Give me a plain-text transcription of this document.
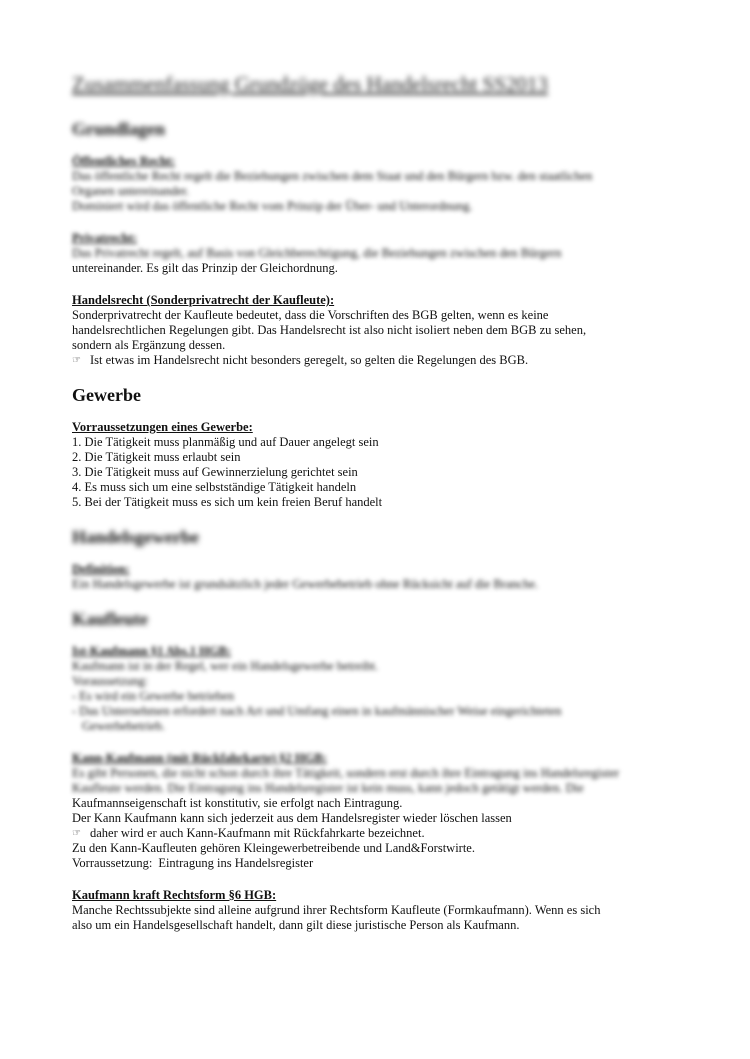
Zusammenfassung Grundzüge des Handelsrecht SS2013
Grundlagen

Öffentliches Recht:

Das öffentliche Recht regelt die Beziehungen zwischen dem Staat und den Bürgern bzw. den staatlichen

Organen untereinander.

Dominiert wird das öffentliche Recht vom Prinzip der Über- und Unterordnung.

Privatrecht:

Das Privatrecht regelt, auf Basis von Gleichberechtigung, die Beziehungen zwischen den Bürgern

untereinander. Es gilt das Prinzip der Gleichordnung.

Handelsrecht (Sonderprivatrecht der Kaufleute):

Sonderprivatrecht der Kaufleute bedeutet, dass die Vorschriften des BGB gelten, wenn es keine

handelsrechtlichen Regelungen gibt. Das Handelsrecht ist also nicht isoliert neben dem BGB zu sehen,

sondern als Ergänzung dessen.

☞ Ist etwas im Handelsrecht nicht besonders geregelt, so gelten die Regelungen des BGB.
Gewerbe

Vorraussetzungen eines Gewerbe:

1. Die Tätigkeit muss planmäßig und auf Dauer angelegt sein
2. Die Tätigkeit muss erlaubt sein
3. Die Tätigkeit muss auf Gewinnerzielung gerichtet sein
4. Es muss sich um eine selbstständige Tätigkeit handeln
5. Bei der Tätigkeit muss es sich um kein freien Beruf handelt
Handelsgewerbe

Definition:

Ein Handelsgewerbe ist grundsätzlich jeder Gewerbebetrieb ohne Rücksicht auf die Branche.

Kaufleute

Ist-Kaufmann §1 Abs.1 HGB:

Kaufmann ist in der Regel, wer ein Handelsgewerbe betreibt.

Voraussetzung:

- Es wird ein Gewerbe betrieben

- Das Unternehmen erfordert nach Art und Umfang einen in kaufmännischer Weise eingerichteten

Gewerbebetrieb.

Kann-Kaufmann (mit Rückfahrkarte) §2 HGB:

Es gibt Personen, die nicht schon durch ihre Tätigkeit, sondern erst durch ihre Eintragung ins Handelsregister

Kaufleute werden. Die Eintragung ins Handelsregister ist kein muss, kann jedoch getätigt werden. Die

Kaufmannseigenschaft ist konstitutiv, sie erfolgt nach Eintragung.

Der Kann Kaufmann kann sich jederzeit aus dem Handelsregister wieder löschen lassen

☞ daher wird er auch Kann-Kaufmann mit Rückfahrkarte bezeichnet.

Zu den Kann-Kaufleuten gehören Kleingewerbetreibende und Land&Forstwirte.

Vorraussetzung: Eintragung ins Handelsregister

Kaufmann kraft Rechtsform §6 HGB:

Manche Rechtssubjekte sind alleine aufgrund ihrer Rechtsform Kaufleute (Formkaufmann). Wenn es sich

also um ein Handelsgesellschaft handelt, dann gilt diese juristische Person als Kaufmann.
